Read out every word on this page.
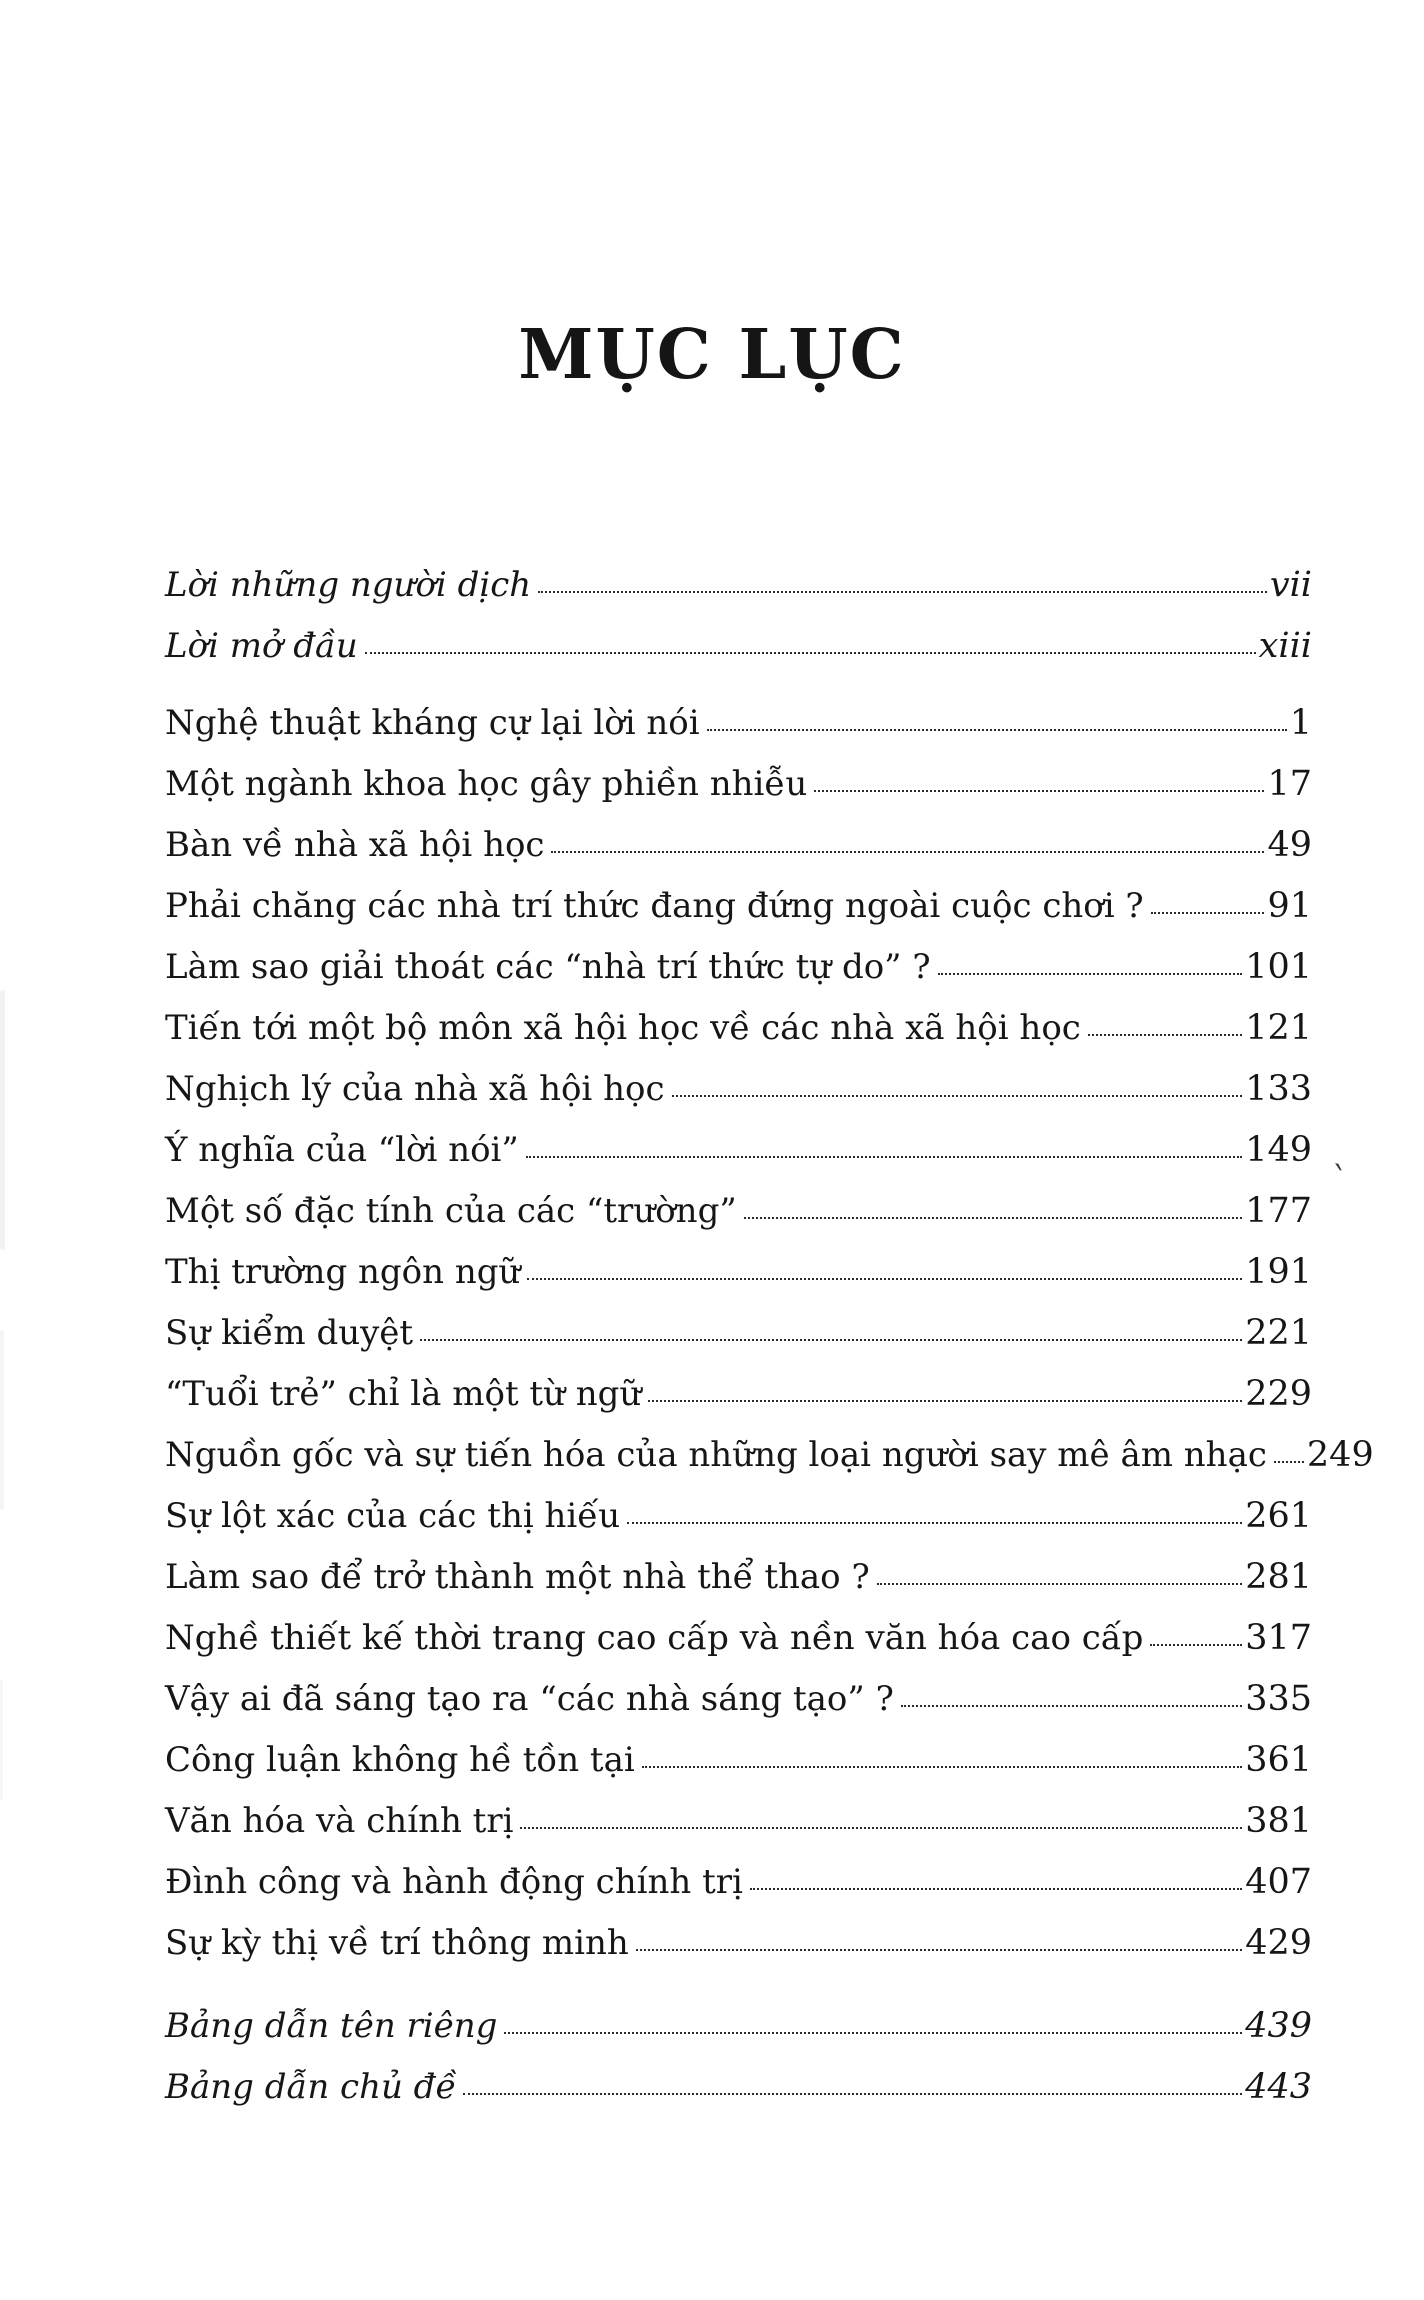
MỤC LỤC
Lời những người dịch	vii
Lời mở đầu	xiii
Nghệ thuật kháng cự lại lời nói	1
Một ngành khoa học gây phiền nhiễu	17
Bàn về nhà xã hội học	49
Phải chăng các nhà trí thức đang đứng ngoài cuộc chơi ?	91
Làm sao giải thoát các “nhà trí thức tự do” ?	101
Tiến tới một bộ môn xã hội học về các nhà xã hội học	121
Nghịch lý của nhà xã hội học	133
Ý nghĩa của “lời nói”	149
Một số đặc tính của các “trường”	177
Thị trường ngôn ngữ	191
Sự kiểm duyệt	221
“Tuổi trẻ” chỉ là một từ ngữ	229
Nguồn gốc và sự tiến hóa của những loại người say mê âm nhạc 249
Sự lột xác của các thị hiếu	261
Làm sao để trở thành một nhà thể thao ?	281
Nghề thiết kế thời trang cao cấp và nền văn hóa cao cấp	317
Vậy ai đã sáng tạo ra “các nhà sáng tạo” ?	335
Công luận không hề tồn tại	361
Văn hóa và chính trị	381
Đình công và hành động chính trị	407
Sự kỳ thị về trí thông minh	429
Bảng dẫn tên riêng	439
Bảng dẫn chủ đề	443
`
